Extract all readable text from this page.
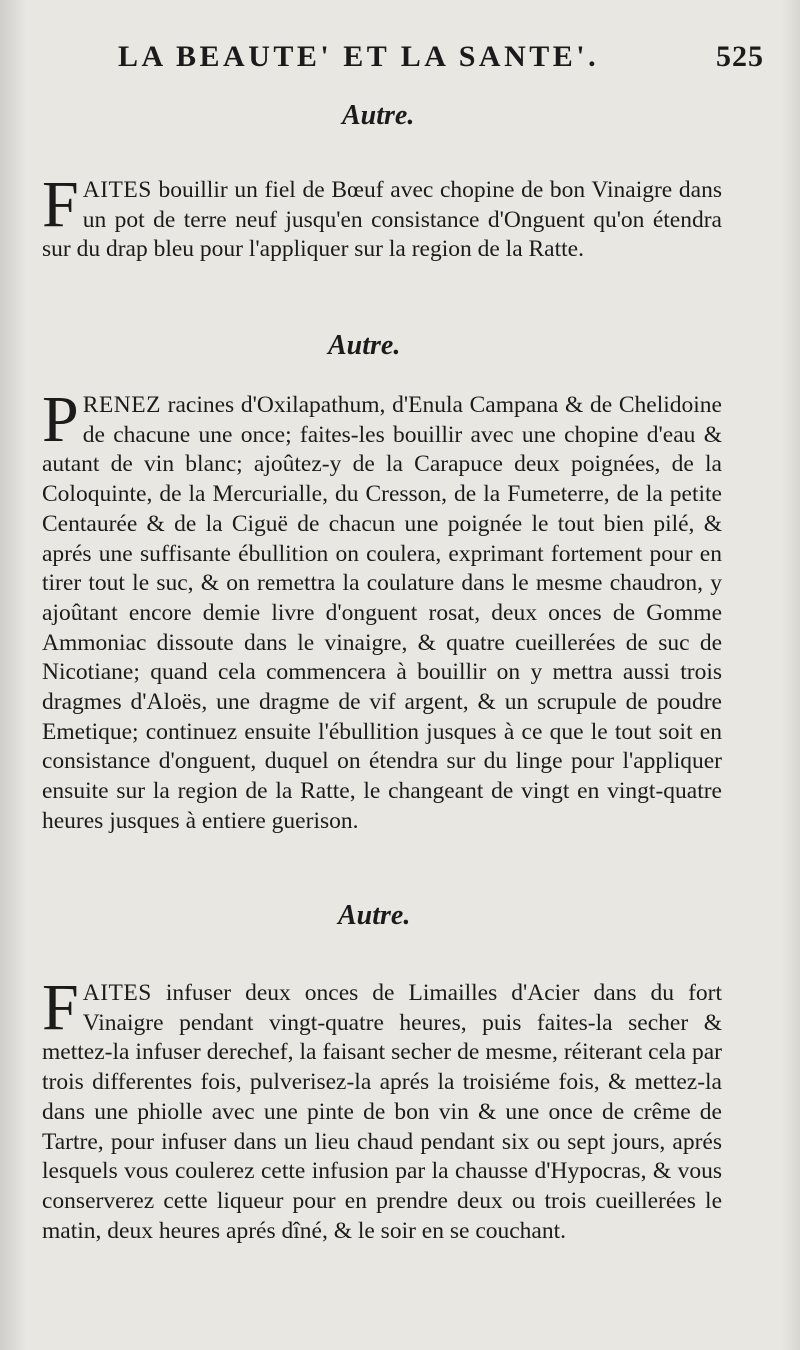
LA BEAUTE' ET LA SANTE'.	525
Autre.

FAITES bouillir un fiel de Bœuf avec chopine de bon Vinaigre dans un pot de terre neuf jusqu'en consistance d'Onguent qu'on étendra sur du drap bleu pour l'appliquer sur la region de la Ratte.

Autre.

PRENEZ racines d'Oxilapathum, d'Enula Campana & de Chelidoine de chacune une once; faites-les bouillir avec une chopine d'eau & autant de vin blanc; ajoûtez-y de la Carapuce deux poignées, de la Coloquinte, de la Mercurialle, du Cresson, de la Fumeterre, de la petite Centaurée & de la Ciguë de chacun une poignée le tout bien pilé, & aprés une suffisante ébullition on coulera, exprimant fortement pour en tirer tout le suc, & on remettra la coulature dans le mesme chaudron, y ajoûtant encore demie livre d'onguent rosat, deux onces de Gomme Ammoniac dissoute dans le vinaigre, & quatre cueillerées de suc de Nicotiane; quand cela commencera à bouillir on y mettra aussi trois dragmes d'Aloës, une dragme de vif argent, & un scrupule de poudre Emetique; continuez ensuite l'ébullition jusques à ce que le tout soit en consistance d'onguent, duquel on étendra sur du linge pour l'appliquer ensuite sur la region de la Ratte, le changeant de vingt en vingt-quatre heures jusques à entiere guerison.

Autre.

FAITES infuser deux onces de Limailles d'Acier dans du fort Vinaigre pendant vingt-quatre heures, puis faites-la secher & mettez-la infuser derechef, la faisant secher de mesme, réiterant cela par trois differentes fois, pulverisez-la aprés la troisiéme fois, & mettez-la dans une phiolle avec une pinte de bon vin & une once de crême de Tartre, pour infuser dans un lieu chaud pendant six ou sept jours, aprés lesquels vous coulerez cette infusion par la chausse d'Hypocras, & vous conserverez cette liqueur pour en prendre deux ou trois cueillerées le matin, deux heures aprés dîné, & le soir en se couchant.
